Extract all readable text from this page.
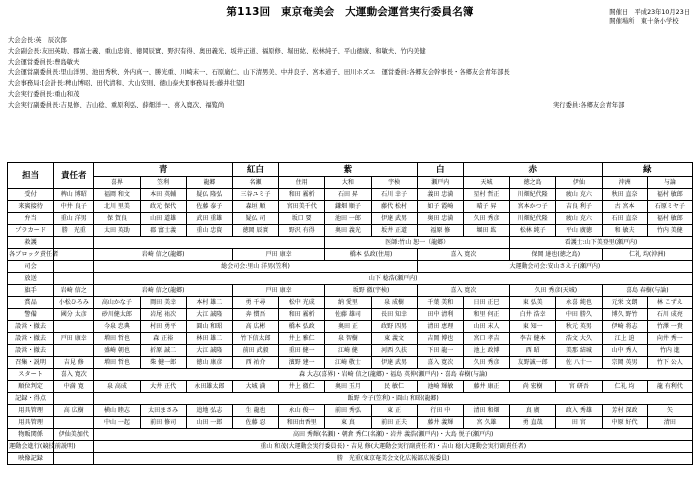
第113回　東京奄美会　大運動会運営実行委員名簿	開催日　平成23年10月23日
開催場所　東十条小学校
大会会長:英　辰次郎
大会副会長:友田英助、郡富士義、重山忠資、徳岡辰實、野沢有得、奥田義光、坂井正道、福原修、堀田紘、松林純子、平山徳廣、和敏夫、竹内美健
大会運営委員長:豊島敏夫
大会運営副委員長:里山洋男、池田秀秋、外内真一、勝光重、川崎末一、石原廣仁、山下清男美、中井良子、宮本道子、田川ホズエ　運営委員:各郷友会幹事長・各郷友会青年部長
大会事務局:[会計長:稗山博昭、田代清和、大山安則、徳山泰夫][事務局長:藤井壮望]
大会実行委員長:重山和茂
大会実行副委員長:吉見修、吉山稔、重原利弘、薛畑洋一、喜入寛次、福覧尚	実行委員:各郷友会青年部
担当	責任者	青			紅白	紫			白	赤			緑	
		喜界	笠利	龍郷	名瀬	住用	大和	宇検	瀬戸内	天城	徳之島	伊仙	沖洲	与論
受付	稗山 博昭	福岡 和文	本田 英輔	疑仏 隆弘	三谷ユミ子	和田 霧析	石田 昇	石川 幸子	義田 忠満	星村 哲正	川畑紀代隆	疲山 克六	秋田 直奈	福村 敏郎
来賓接待	中井 良子	北川 里美	政元 保代	佐藤 泰子	森垣 順	宮田美千代	鎌畑 順子	藤代 松村	如子 霞崎	晴子 昇	宮本かつ子	吉良 利子	古 宮本	石原ミヤ子
弁当	重山 洋男	保 賀良	山田 道雄	武田 重雄	疑仏 司	坂口 要	池田 一郎	伊達 武男	奥田 忠満	久田 秀彦	川畑紀代隆	疲山 克六	石田 直奈	福村 敏郎
プラカード	勝　光重	太田 英助	郡 富士義	重山 忠資	徳岡 辰實	野沢 有得	奥田 義光	坂井 正道	福原 修	堀田 紘	松林 純子	平山 廣徳	和 敏夫	竹内 美健
救護							医師:竹山 恕一（龍郷）				看護士:山下美登里(瀬戸内)			
各ブロック責任者		岩崎 信之(龍郷)			戸田 康幸		橋本 弘政(住用)		喜入 寛次		保岡 達也(徳之島)		仁礼 均(沖洲)	
司会		総会司会:里山 洋男(笠利)							大運動会司会:安山さえ子(瀬戸内)					
放送		山下 稔浩(瀬戸内)												
旗手	岩崎 信之	岩崎 信之(龍郷)			戸田 康幸		坂野 徹(宇検)		喜入 寛次		久田 秀彦(天城)		喜島 春樹(与論)	
賞品	小松ひろみ	高山かな子	岡田 美幸	本村 雄二	勇 千尋	松中 光成	納 愛里	泉 成樹	千葉 美和	日田 正巳	東 弘美	永喜 純也	元栄 文朗	林 こずえ
警備	國分 太彦	砂川健太郎	岩尾 祐次	大江 誠隆	奔 慣吾	和田 霧析	佐藤 雄司	長田 知幸	田中 清利	和里 何正	白井 浩幸	中田 勝久	博久 野竹	石川 成亮
設営・撤去		今泉 忠典	村田 勇平	圓山 和昭	高 広彬	橋本 弘政	奥田 正	政野 四男	清田 恵理	山田 末人	東 知一	秋元 英男	伊崎 将志	竹澤 一貴
設営・撤去	戸田 康幸	増田 哲也	森 正裕	林田 雄二	竹下信太郎	井上 雅仁	泉 智樹	東 義文	吉岡 博也	宮口 孝吉	李吉 健本	浩文 大久	江上 迫	向井 秀一
設営・撤去		盛崎 朝也	折原 誠二	大江 誠隆	前田 武毅	重田 健一	江崎 健	河西 久扶	下田 龍一	池上 政博	西 昭	美那 結城	山中 秀人	竹内 進
召集・説明	吉見 修	増田 哲也	柴 健一郎	徳山 康彦	西 祐介	濱野 建一	江崎 敬士	伊達 武男	喜入 寛次	久田 秀彦	友野誠一郎	佐 八十一	宗岡 英男	竹下 公人
スタート	喜入 寛次	森 大志(喜界)・岩崎 信之(龍郷)・福島 英伸(瀬戸内)・喜島 春樹(与論)												
順位判定	中満 寛	泉 高成	大井 正代	永田雄太郎	大城 満	井上 徹仁	奥田 玉月	民 敏仁	池崎 輝敏	藤井 康正	尚 宏樹	宮 研吾	仁礼 均	龍 有利代
記録・得点		飯野 令子(笠利)・圓山 和昭(龍郷)												
用具管理	高 広樹	横山 睦志	太田まさみ	追地 弘志	生 龍也	永山 俊一	前田 秀弘	東 正	行田 中	清田 和畑	真 廣	政入 秀雄	芳村 深政	矢
用具管理		中山 一起	前田 修司	山田 一郎	佐藤 忍	和田由香里	東 真	前田 正夫	藤井 義輝	宮 久雄	勇 直哉	田 宮	中原 好代	清田
物販関係	伊仙美加代	高田 秀輝(名瀬)・朝倉 秀仁(名瀬)・岩井 義浩(瀬戸内)・大島 悦子(瀬戸内)												
運動会進行(競技前説明)		重山 和茂(大運動会実行委員長)・吉見 修(大運動会実行副責任者)・吉山 稔(大運動会実行副責任者)												
映像記録		勝　光重(東京奄美会文化広報部広報委員)												
